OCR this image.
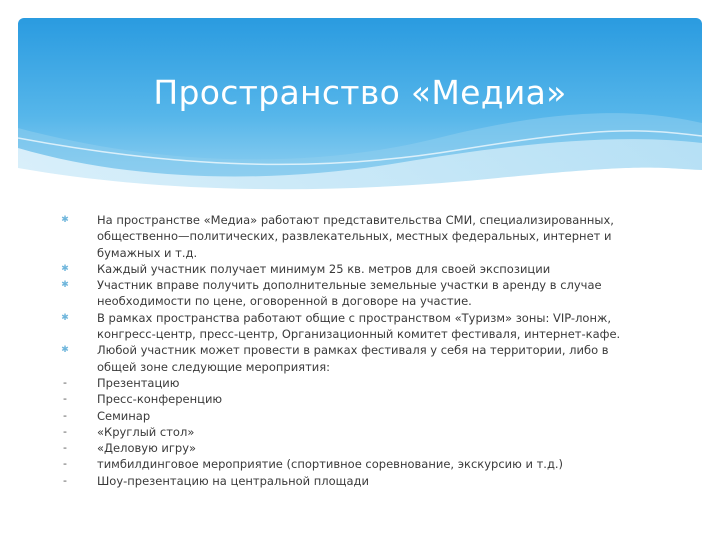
Пространство «Медиа»
✱ На пространстве «Медиа» работают представительства СМИ, специализированных, общественно—политических, развлекательных, местных федеральных, интернет и бумажных и т.д.
✱ Каждый участник получает минимум 25 кв. метров для своей экспозиции
✱ Участник вправе получить дополнительные земельные участки в аренду в случае необходимости по цене, оговоренной в договоре на участие.
✱ В рамках пространства работают общие с пространством «Туризм» зоны: VIP-лонж, конгресс-центр, пресс-центр, Организационный комитет фестиваля, интернет-кафе.
✱ Любой участник может провести в рамках фестиваля у себя на территории, либо в общей зоне следующие мероприятия:
-	Презентацию
-	Пресс-конференцию
-	Семинар
-	«Круглый стол»
-	«Деловую игру»
-	тимбилдинговое мероприятие (спортивное соревнование, экскурсию и т.д.)
-	Шоу-презентацию на центральной площади
